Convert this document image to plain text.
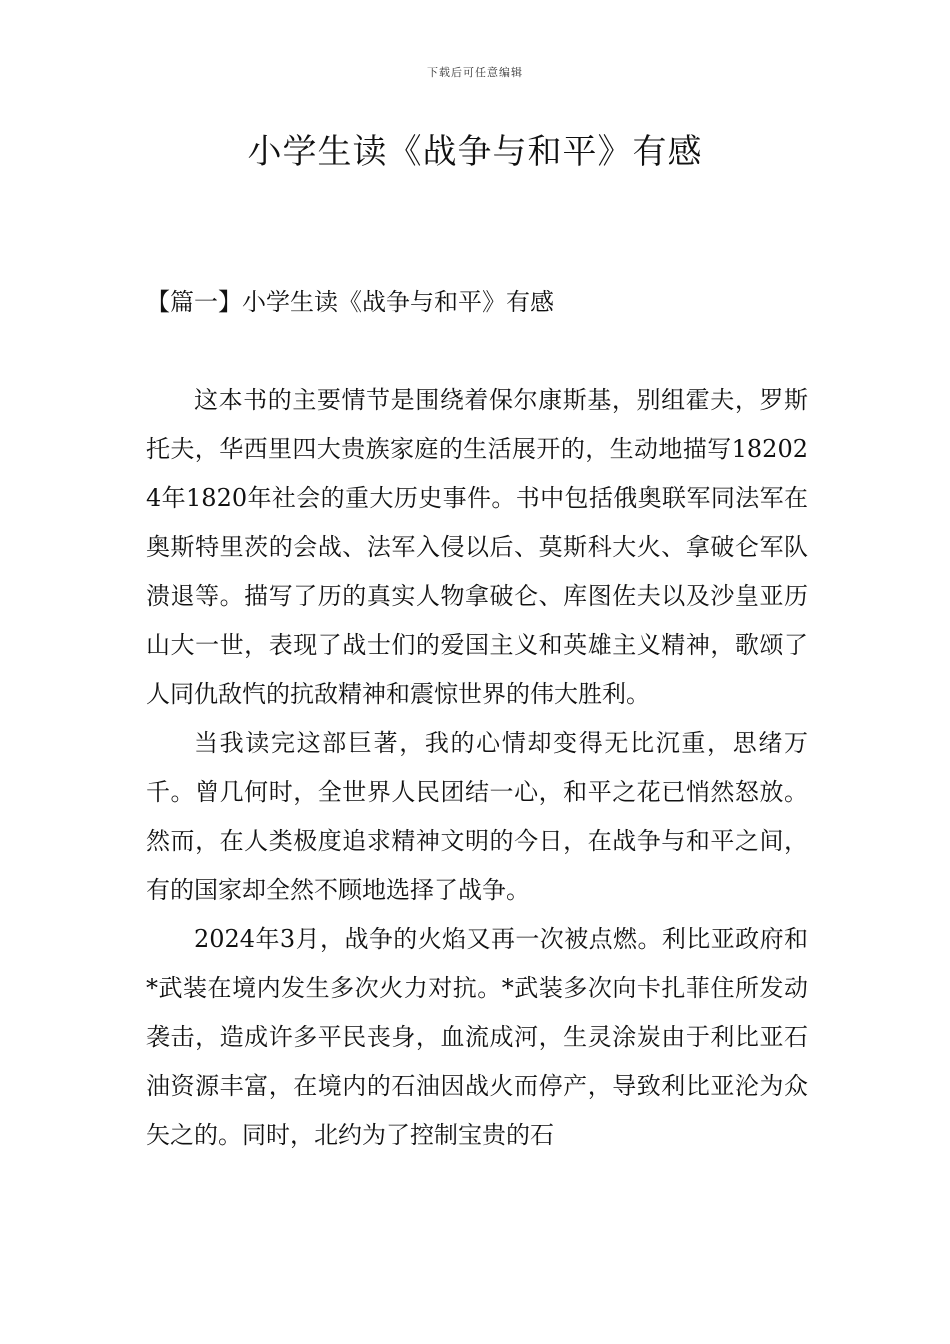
下载后可任意编辑
小学生读《战争与和平》有感
【篇一】小学生读《战争与和平》有感

这本书的主要情节是围绕着保尔康斯基，别组霍夫，罗斯托夫，华西里四大贵族家庭的生活展开的，生动地描写182024年1820年社会的重大历史事件。书中包括俄奥联军同法军在奥斯特里茨的会战、法军入侵以后、莫斯科大火、拿破仑军队溃退等。描写了历的真实人物拿破仑、库图佐夫以及沙皇亚历山大一世，表现了战士们的爱国主义和英雄主义精神，歌颂了人同仇敌忾的抗敌精神和震惊世界的伟大胜利。

当我读完这部巨著，我的心情却变得无比沉重，思绪万千。曾几何时，全世界人民团结一心，和平之花已悄然怒放。然而，在人类极度追求精神文明的今日，在战争与和平之间，有的国家却全然不顾地选择了战争。

2024年3月，战争的火焰又再一次被点燃。利比亚政府和*武装在境内发生多次火力对抗。*武装多次向卡扎菲住所发动袭击，造成许多平民丧身，血流成河，生灵涂炭由于利比亚石油资源丰富，在境内的石油因战火而停产，导致利比亚沦为众矢之的。同时，北约为了控制宝贵的石
